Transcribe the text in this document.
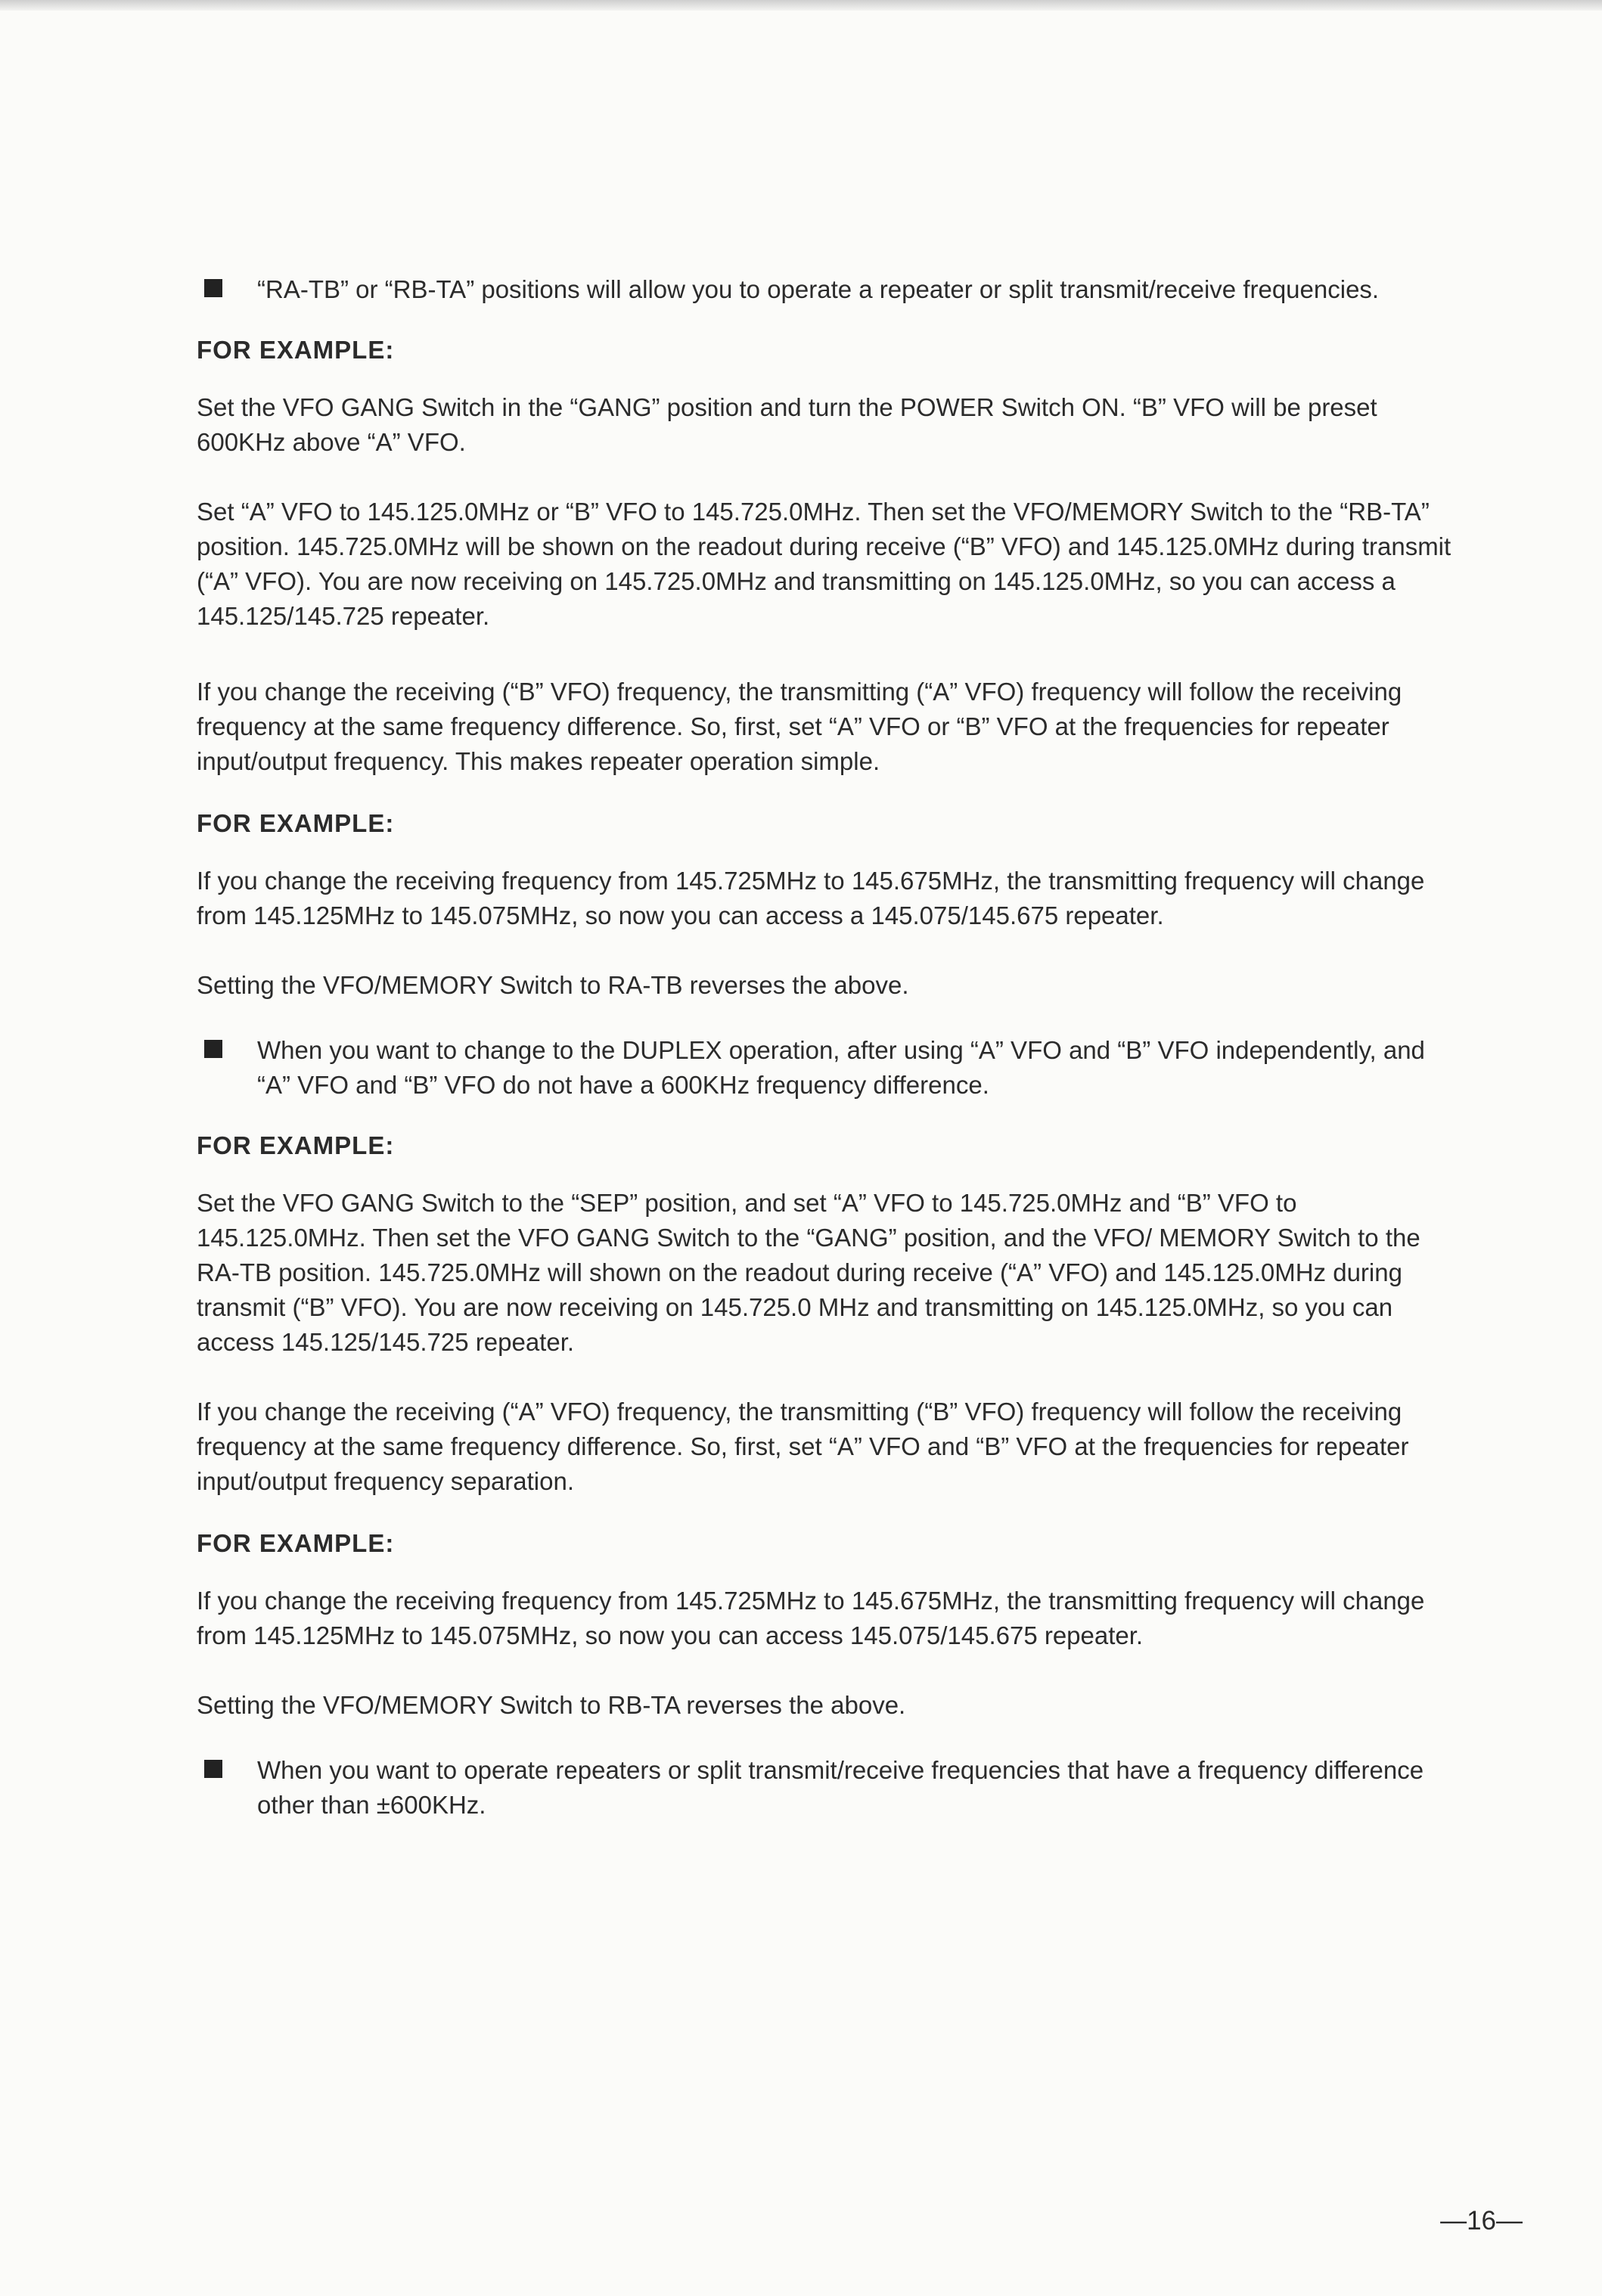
“RA-TB” or “RB-TA” positions will allow you to operate a repeater or split transmit/receive frequencies.

FOR EXAMPLE:

Set the VFO GANG Switch in the “GANG” position and turn the POWER Switch ON. “B” VFO will be preset 600KHz above “A” VFO.

Set “A” VFO to 145.125.0MHz or “B” VFO to 145.725.0MHz. Then set the VFO/MEMORY Switch to the “RB-TA” position. 145.725.0MHz will be shown on the readout during receive (“B” VFO) and 145.125.0MHz during transmit (“A” VFO). You are now receiving on 145.725.0MHz and transmitting on 145.125.0MHz, so you can access a 145.125/145.725 repeater.

If you change the receiving (“B” VFO) frequency, the transmitting (“A” VFO) frequency will follow the receiving frequency at the same frequency difference. So, first, set “A” VFO or “B” VFO at the frequencies for repeater input/output frequency. This makes repeater operation simple.

FOR EXAMPLE:

If you change the receiving frequency from 145.725MHz to 145.675MHz, the transmitting frequency will change from 145.125MHz to 145.075MHz, so now you can access a 145.075/145.675 repeater.

Setting the VFO/MEMORY Switch to RA-TB reverses the above.

When you want to change to the DUPLEX operation, after using “A” VFO and “B” VFO independently, and “A” VFO and “B” VFO do not have a 600KHz frequency difference.

FOR EXAMPLE:

Set the VFO GANG Switch to the “SEP” position, and set “A” VFO to 145.725.0MHz and “B” VFO to 145.125.0MHz. Then set the VFO GANG Switch to the “GANG” position, and the VFO/ MEMORY Switch to the RA-TB position. 145.725.0MHz will shown on the readout during receive (“A” VFO) and 145.125.0MHz during transmit (“B” VFO). You are now receiving on 145.725.0 MHz and transmitting on 145.125.0MHz, so you can access 145.125/145.725 repeater.

If you change the receiving (“A” VFO) frequency, the transmitting (“B” VFO) frequency will follow the receiving frequency at the same frequency difference. So, first, set “A” VFO and “B” VFO at the frequencies for repeater input/output frequency separation.

FOR EXAMPLE:

If you change the receiving frequency from 145.725MHz to 145.675MHz, the transmitting frequency will change from 145.125MHz to 145.075MHz, so now you can access 145.075/145.675 repeater.

Setting the VFO/MEMORY Switch to RB-TA reverses the above.

When you want to operate repeaters or split transmit/receive frequencies that have a frequency difference other than ±600KHz.

—16—
